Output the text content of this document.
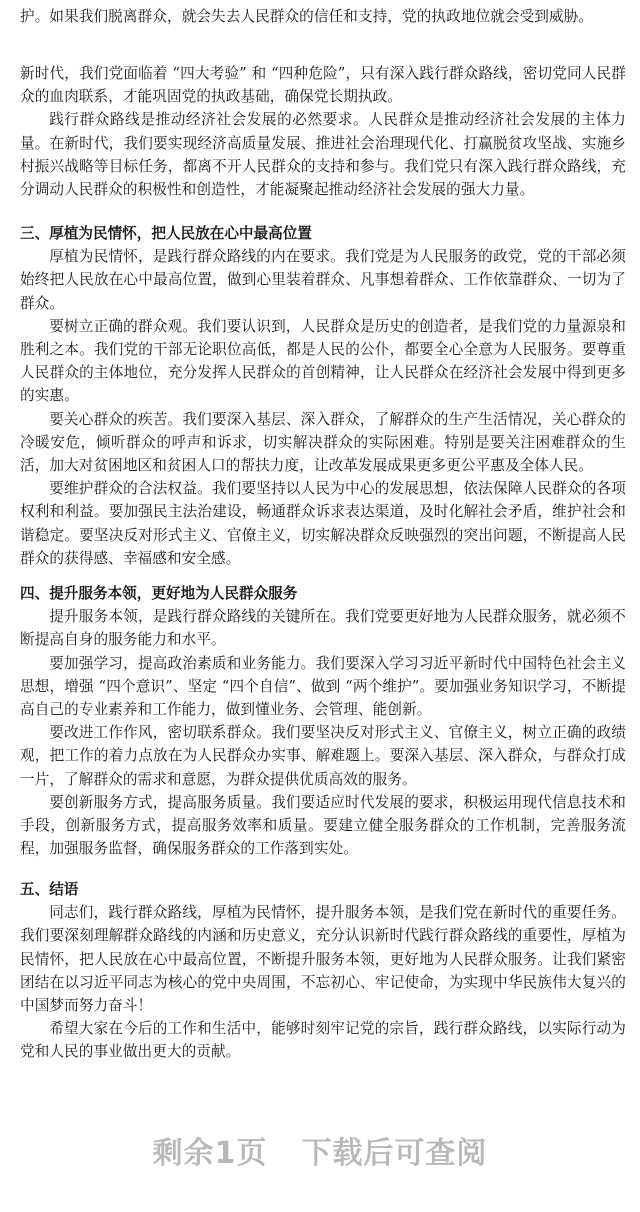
护。如果我们脱离群众，就会失去人民群众的信任和支持，党的执政地位就会受到威胁。

新时代，我们党面临着 “四大考验” 和 “四种危险”，只有深入践行群众路线，密切党同人民群众的血肉联系，才能巩固党的执政基础，确保党长期执政。

践行群众路线是推动经济社会发展的必然要求。人民群众是推动经济社会发展的主体力量。在新时代，我们要实现经济高质量发展、推进社会治理现代化、打赢脱贫攻坚战、实施乡村振兴战略等目标任务，都离不开人民群众的支持和参与。我们党只有深入践行群众路线，充分调动人民群众的积极性和创造性，才能凝聚起推动经济社会发展的强大力量。

三、厚植为民情怀，把人民放在心中最高位置

厚植为民情怀，是践行群众路线的内在要求。我们党是为人民服务的政党，党的干部必须始终把人民放在心中最高位置，做到心里装着群众、凡事想着群众、工作依靠群众、一切为了群众。

要树立正确的群众观。我们要认识到，人民群众是历史的创造者，是我们党的力量源泉和胜利之本。我们党的干部无论职位高低，都是人民的公仆，都要全心全意为人民服务。要尊重人民群众的主体地位，充分发挥人民群众的首创精神，让人民群众在经济社会发展中得到更多的实惠。

要关心群众的疾苦。我们要深入基层、深入群众，了解群众的生产生活情况，关心群众的冷暖安危，倾听群众的呼声和诉求，切实解决群众的实际困难。特别是要关注困难群众的生活，加大对贫困地区和贫困人口的帮扶力度，让改革发展成果更多更公平惠及全体人民。

要维护群众的合法权益。我们要坚持以人民为中心的发展思想，依法保障人民群众的各项权利和利益。要加强民主法治建设，畅通群众诉求表达渠道，及时化解社会矛盾，维护社会和谐稳定。要坚决反对形式主义、官僚主义，切实解决群众反映强烈的突出问题，不断提高人民群众的获得感、幸福感和安全感。

四、提升服务本领，更好地为人民群众服务

提升服务本领，是践行群众路线的关键所在。我们党要更好地为人民群众服务，就必须不断提高自身的服务能力和水平。

要加强学习，提高政治素质和业务能力。我们要深入学习习近平新时代中国特色社会主义思想，增强 “四个意识”、坚定 “四个自信”、做到 “两个维护”。要加强业务知识学习，不断提高自己的专业素养和工作能力，做到懂业务、会管理、能创新。

要改进工作作风，密切联系群众。我们要坚决反对形式主义、官僚主义，树立正确的政绩观，把工作的着力点放在为人民群众办实事、解难题上。要深入基层、深入群众，与群众打成一片，了解群众的需求和意愿，为群众提供优质高效的服务。

要创新服务方式，提高服务质量。我们要适应时代发展的要求，积极运用现代信息技术和手段，创新服务方式，提高服务效率和质量。要建立健全服务群众的工作机制，完善服务流程，加强服务监督，确保服务群众的工作落到实处。

五、结语

同志们，践行群众路线，厚植为民情怀，提升服务本领，是我们党在新时代的重要任务。我们要深刻理解群众路线的内涵和历史意义，充分认识新时代践行群众路线的重要性，厚植为民情怀，把人民放在心中最高位置，不断提升服务本领，更好地为人民群众服务。让我们紧密团结在以习近平同志为核心的党中央周围，不忘初心、牢记使命，为实现中华民族伟大复兴的中国梦而努力奋斗！

希望大家在今后的工作和生活中，能够时刻牢记党的宗旨，践行群众路线，以实际行动为党和人民的事业做出更大的贡献。

剩余1页 下载后可查阅
